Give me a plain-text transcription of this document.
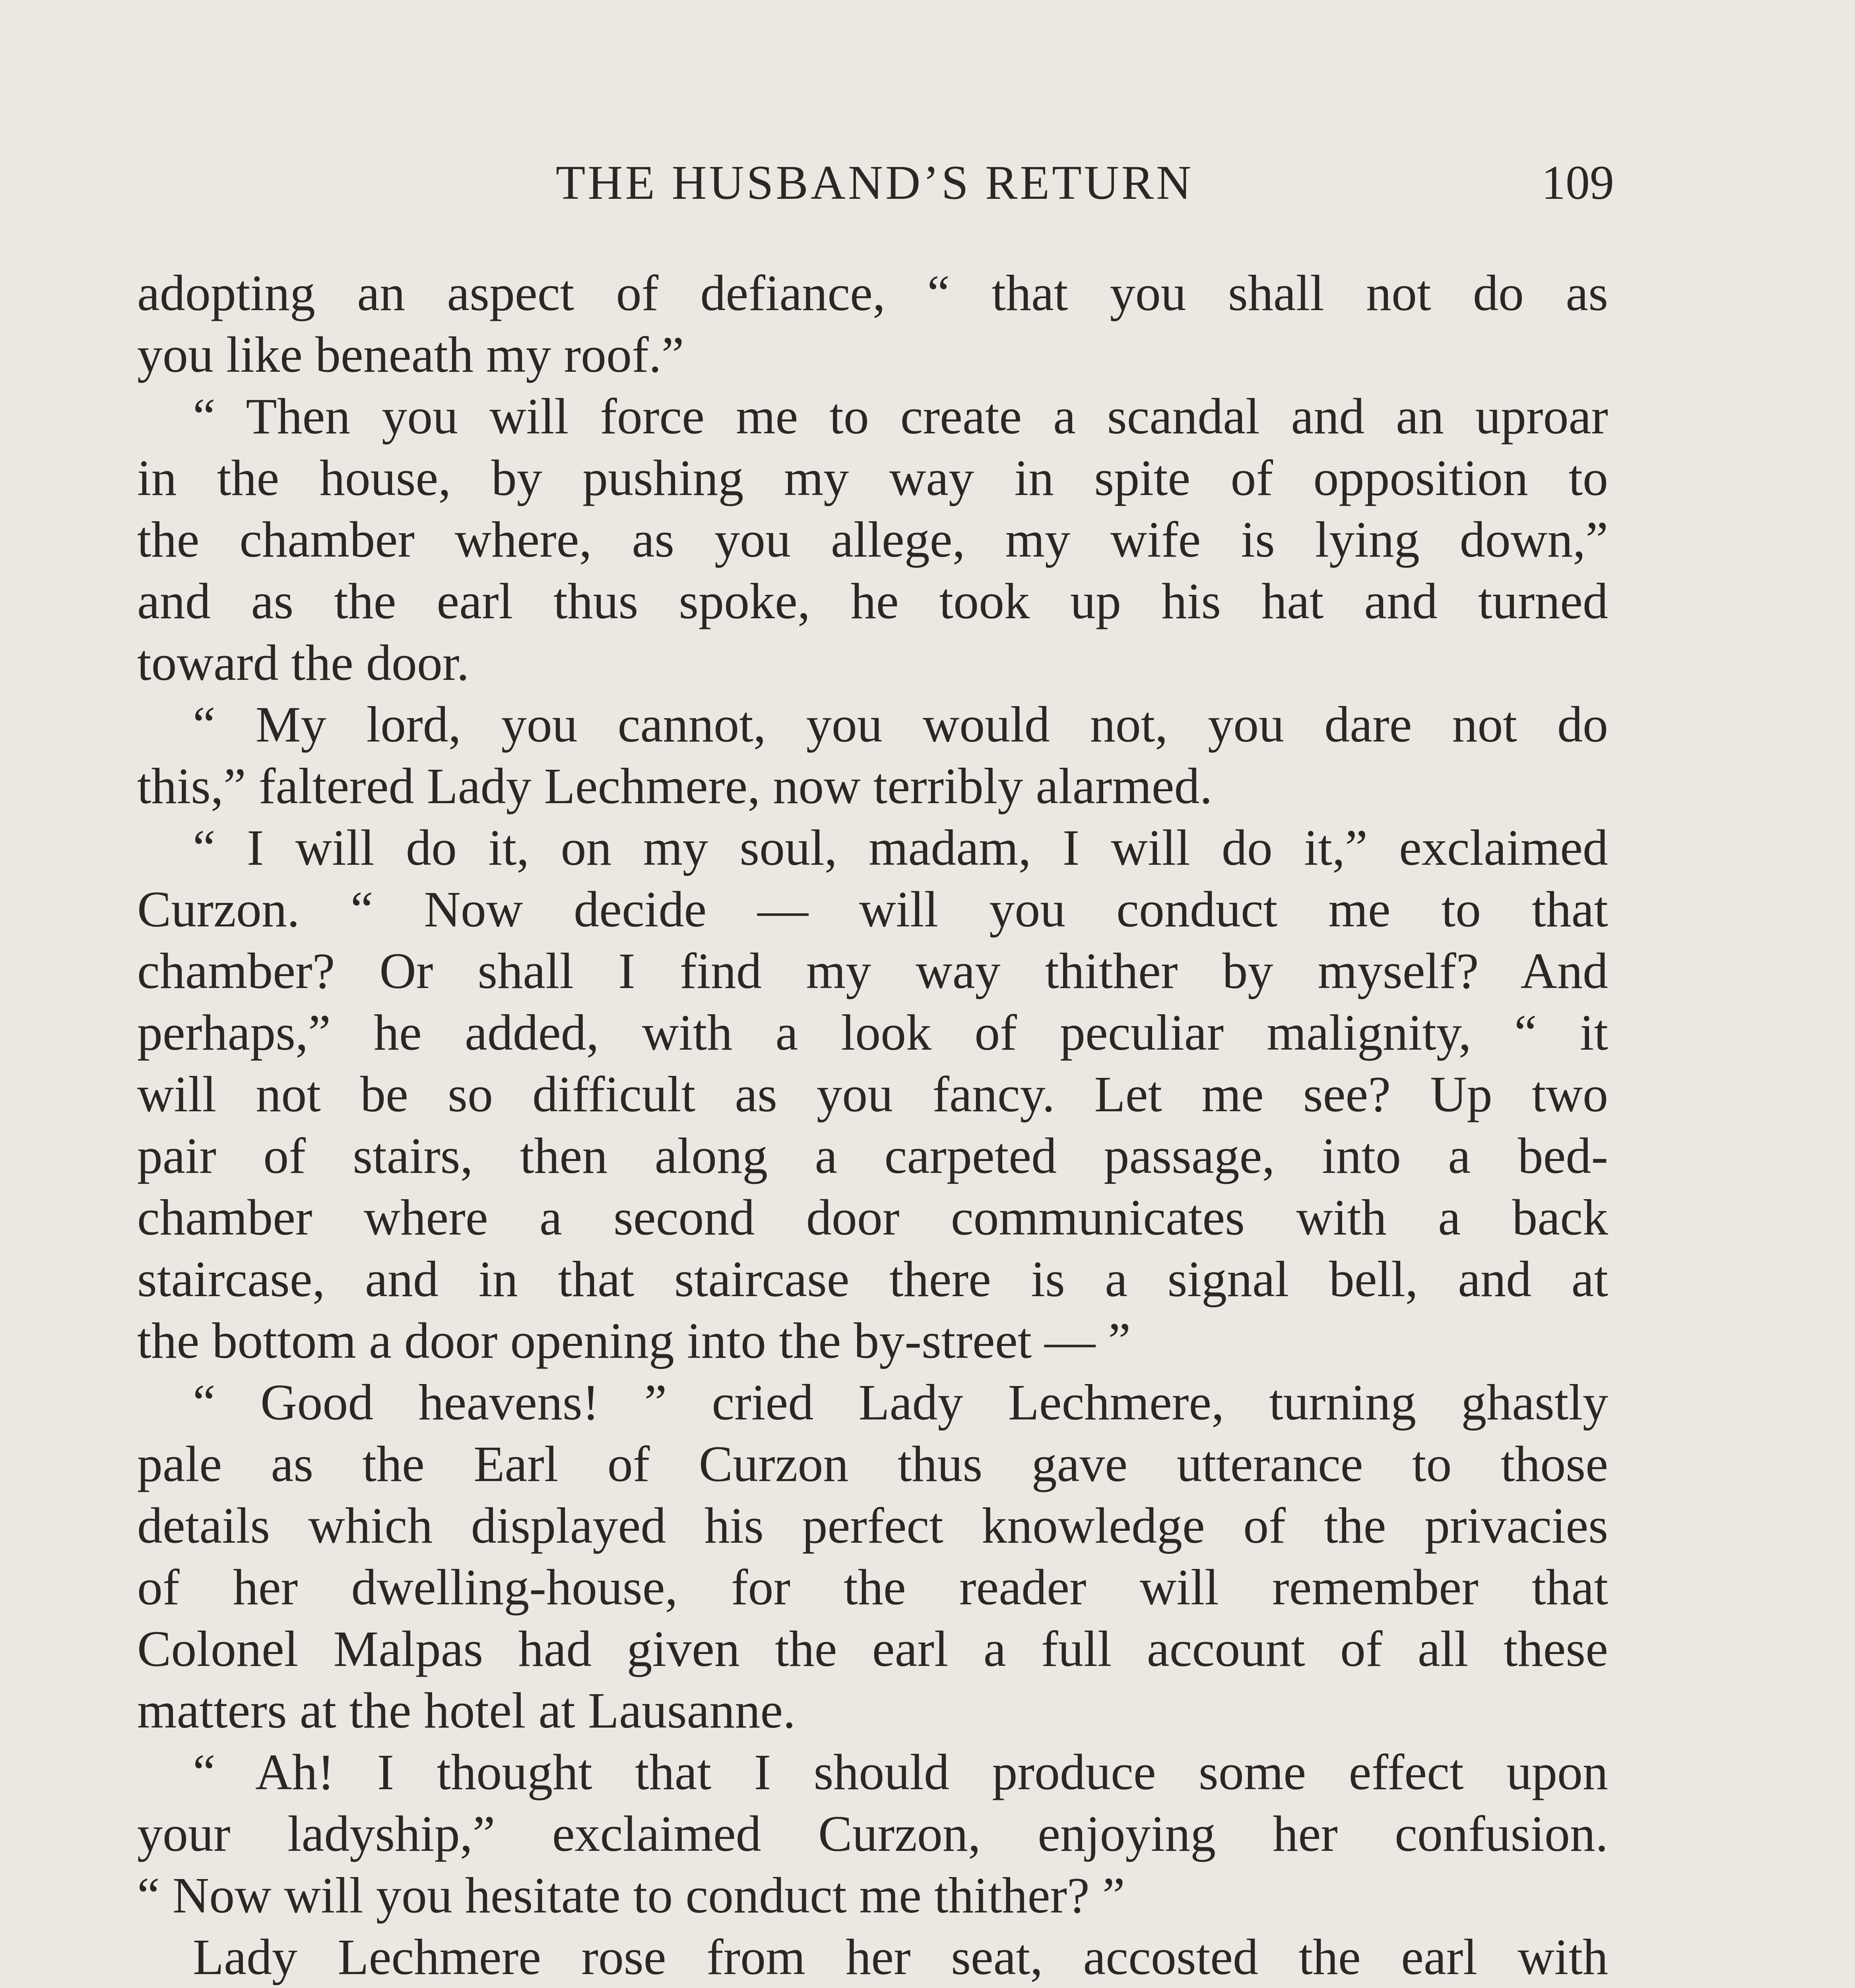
THE HUSBAND’S RETURN	109
adopting an aspect of defiance, “ that you shall not do as
you like beneath my roof.”
“ Then you will force me to create a scandal and an uproar
in the house, by pushing my way in spite of opposition to
the chamber where, as you allege, my wife is lying down,”
and as the earl thus spoke, he took up his hat and turned
toward the door.
“ My lord, you cannot, you would not, you dare not do
this,” faltered Lady Lechmere, now terribly alarmed.
“ I will do it, on my soul, madam, I will do it,” exclaimed
Curzon. “ Now decide — will you conduct me to that
chamber? Or shall I find my way thither by myself? And
perhaps,” he added, with a look of peculiar malignity, “ it
will not be so difficult as you fancy. Let me see? Up two
pair of stairs, then along a carpeted passage, into a bed-
chamber where a second door communicates with a back
staircase, and in that staircase there is a signal bell, and at
the bottom a door opening into the by-street — ”
“ Good heavens! ” cried Lady Lechmere, turning ghastly
pale as the Earl of Curzon thus gave utterance to those
details which displayed his perfect knowledge of the privacies
of her dwelling-house, for the reader will remember that
Colonel Malpas had given the earl a full account of all these
matters at the hotel at Lausanne.
“ Ah! I thought that I should produce some effect upon
your ladyship,” exclaimed Curzon, enjoying her confusion.
“ Now will you hesitate to conduct me thither? ”
Lady Lechmere rose from her seat, accosted the earl with
